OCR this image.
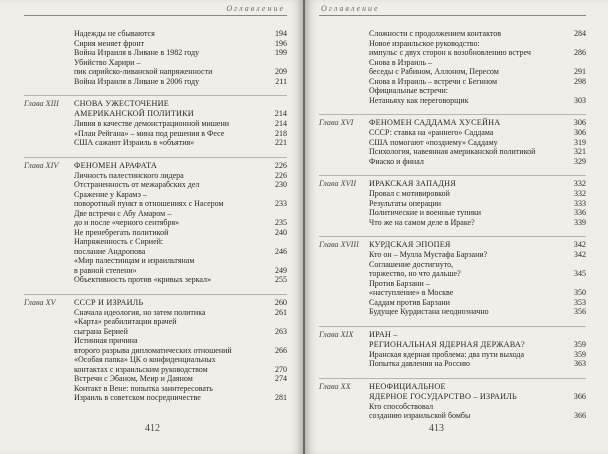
Оглавление
Надежды не сбываются	194
Сирия меняет фронт	196
Война Израиля в Ливане в 1982 году	199
Убийство Харири –
пик сирийско-ливанской напряженности	209
Война Израиля в Ливане в 2006 году	211
Глава XIII	СНОВА УЖЕСТОЧЕНИЕ
АМЕРИКАНСКОЙ ПОЛИТИКИ	214
Ливия в качестве демонстрационной мишени	214
«План Рейгана» – мина под решения в Фесе	218
США сажают Израиль в «объятия»	221
Глава XIV	ФЕНОМЕН АРАФАТА	226
Личность палестинского лидера	226
Отстраненность от межарабских дел	230
Сражение у Карамэ –
поворотный пункт в отношениях с Насером	233
Две встречи с Абу Амаром –
до и после «черного сентября»	235
Не пренебрегать политикой	240
Напряженность с Сирией:
послание Андропова	246
«Мир палестинцам и израильтянам
в равной степени»	249
Объективность против «кривых зеркал»	255
Глава XV	СССР И ИЗРАИЛЬ	260
Сначала идеология, но затем политика	261
«Карта» реабилитации врачей
сыграна Берией	263
Истинная причина
второго разрыва дипломатических отношений	266
«Особая папка» ЦК о конфиденциальных
контактах с израильским руководством	270
Встречи с Эбаном, Меир и Даяном	274
Контакт в Вене: попытка заинтересовать
Израиль в советском посредничестве	281
412
Оглавление
Сложности с продолжением контактов	284
Новое израильское руководство:
импульс с двух сторон к возобновлению встреч	286
Снова в Израиль –
беседы с Рабином, Аллоном, Пересом	291
Снова в Израиль – встречи с Бегином	298
Официальные встречи:
Нетаньяху как переговорщик	303
Глава XVI	ФЕНОМЕН САДДАМА ХУСЕЙНА	306
СССР: ставка на «раннего» Саддама	306
США помогают «позднему» Саддаму	319
Психология, навеянная американской политикой	321
Фиаско и финал	329
Глава XVII	ИРАКСКАЯ ЗАПАДНЯ	332
Провал с мотивировкой	332
Результаты операции	333
Политические и военные тупики	336
Что же на самом деле в Ираке?	339
Глава XVIII	КУРДСКАЯ ЭПОПЕЯ	342
Кто он – Мулла Мустафа Барзани?	342
Соглашение достигнуто,
торжество, но что дальше?	345
Против Барзани –
«наступление» в Москве	350
Саддам против Барзани	353
Будущее Курдистана неоднозначно	356
Глава XIX	ИРАН –
РЕГИОНАЛЬНАЯ ЯДЕРНАЯ ДЕРЖАВА?	359
Иранская ядерная проблема: два пути выхода	359
Попытка давления на Россию	363
Глава XX	НЕОФИЦИАЛЬНОЕ
ЯДЕРНОЕ ГОСУДАРСТВО – ИЗРАИЛЬ	366
Кто способствовал
созданию израильской бомбы	366
413
